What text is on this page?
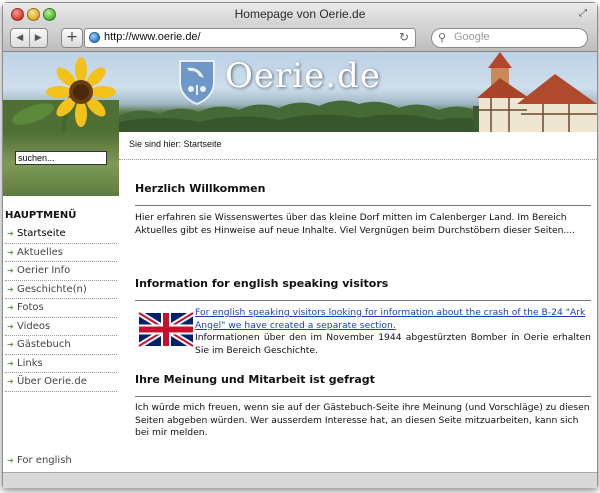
Homepage von Oerie.de	⤢
◀	▶	+	http://www.oerie.de/	↻	⚲ Google
Oerie.de
suchen...
HAUPTMENÜ
➜ Startseite
➜ Aktuelles
➜ Oerier Info
➜ Geschichte(n)
➜ Fotos
➜ Videos
➜ Gästebuch
➜ Links
➜ Über Oerie.de
➜ For english
Sie sind hier: Startseite
Herzlich Willkommen
Hier erfahren sie Wissenswertes über das kleine Dorf mitten im Calenberger Land. Im Bereich Aktuelles gibt es Hinweise auf neue Inhalte. Viel Vergnügen beim Durchstöbern dieser Seiten....
Information for english speaking visitors
For english speaking visitors looking for information about the crash of the B-24 "Ark Angel" we have created a separate section.
Informationen über den im November 1944 abgestürzten Bomber in Oerie erhalten Sie im Bereich Geschichte.
Ihre Meinung und Mitarbeit ist gefragt
Ich würde mich freuen, wenn sie auf der Gästebuch-Seite ihre Meinung (und Vorschläge) zu diesen Seiten abgeben würden. Wer ausserdem Interesse hat, an diesen Seite mitzuarbeiten, kann sich bei mir melden.
